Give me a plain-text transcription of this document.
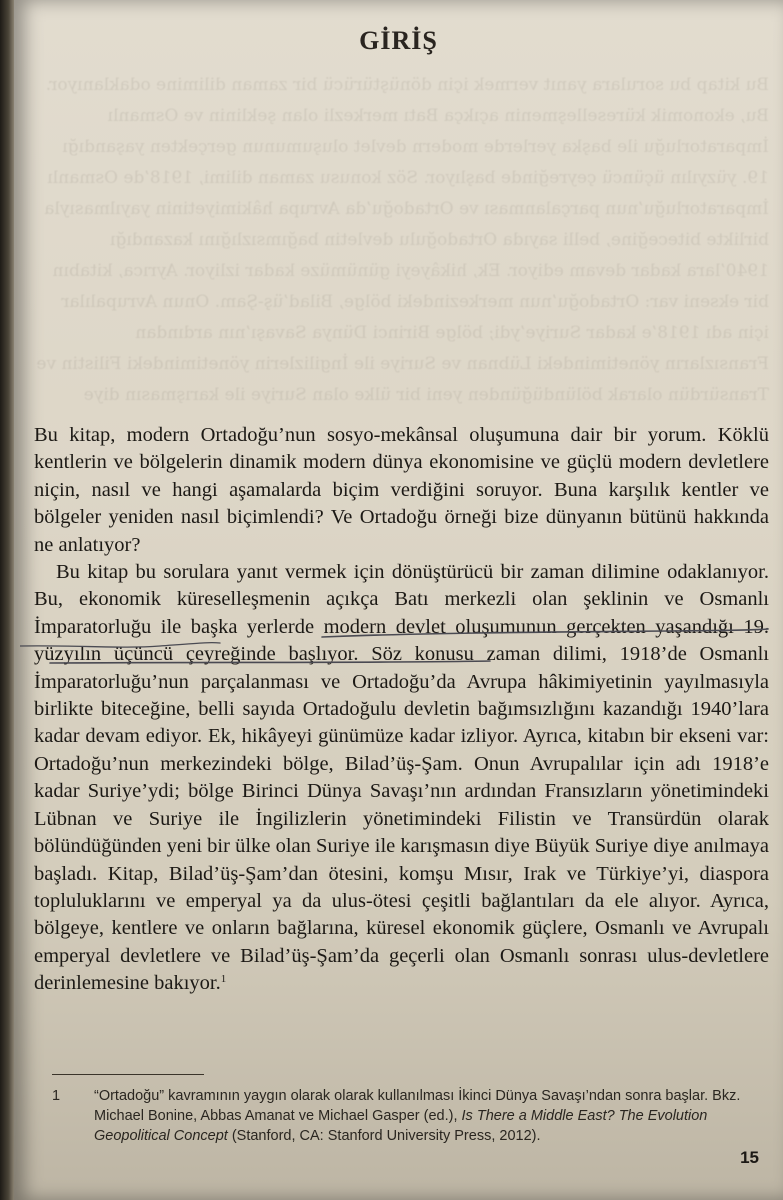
Bu kitap bu sorulara yanıt vermek için dönüştürücü bir zaman dilimine odaklanıyor. Bu, ekonomik küreselleşmenin açıkça Batı merkezli olan şeklinin ve Osmanlı İmparatorluğu ile başka yerlerde modern devlet oluşumunun gerçekten yaşandığı 19. yüzyılın üçüncü çeyreğinde başlıyor. Söz konusu zaman dilimi, 1918’de Osmanlı İmparatorluğu’nun parçalanması ve Ortadoğu’da Avrupa hâkimiyetinin yayılmasıyla birlikte biteceğine, belli sayıda Ortadoğulu devletin bağımsızlığını kazandığı 1940’lara kadar devam ediyor. Ek, hikâyeyi günümüze kadar izliyor. Ayrıca, kitabın bir ekseni var: Ortadoğu’nun merkezindeki bölge, Bilad’üş-Şam. Onun Avrupalılar için adı 1918’e kadar Suriye’ydi; bölge Birinci Dünya Savaşı’nın ardından Fransızların yönetimindeki Lübnan ve Suriye ile İngilizlerin yönetimindeki Filistin ve Transürdün olarak bölündüğünden yeni bir ülke olan Suriye ile karışmasın diye
GİRİŞ

Bu kitap, modern Ortadoğu’nun sosyo-mekânsal oluşumuna dair bir yorum. Köklü kentlerin ve bölgelerin dinamik modern dünya ekonomisine ve güçlü modern devletlere niçin, nasıl ve hangi aşamalarda biçim verdiğini soruyor. Buna karşılık kentler ve bölgeler yeniden nasıl biçimlendi? Ve Ortadoğu örneği bize dünyanın bütünü hakkında ne anlatıyor?

Bu kitap bu sorulara yanıt vermek için dönüştürücü bir zaman dilimine odaklanıyor. Bu, ekonomik küreselleşmenin açıkça Batı merkezli olan şeklinin ve Osmanlı İmparatorluğu ile başka yerlerde modern devlet oluşumunun gerçekten yaşandığı 19. yüzyılın üçüncü çeyreğinde başlıyor. Söz konusu zaman dilimi, 1918’de Osmanlı İmparatorluğu’nun parçalanması ve Ortadoğu’da Avrupa hâkimiyetinin yayılmasıyla birlikte biteceğine, belli sayıda Ortadoğulu devletin bağımsızlığını kazandığı 1940’lara kadar devam ediyor. Ek, hikâyeyi günümüze kadar izliyor. Ayrıca, kitabın bir ekseni var: Ortadoğu’nun merkezindeki bölge, Bilad’üş-Şam. Onun Avrupalılar için adı 1918’e kadar Suriye’ydi; bölge Birinci Dünya Savaşı’nın ardından Fransızların yönetimindeki Lübnan ve Suriye ile İngilizlerin yönetimindeki Filistin ve Transürdün olarak bölündüğünden yeni bir ülke olan Suriye ile karışmasın diye Büyük Suriye diye anılmaya başladı. Kitap, Bilad’üş-Şam’dan ötesini, komşu Mısır, Irak ve Türkiye’yi, diaspora topluluklarını ve emperyal ya da ulus-ötesi çeşitli bağlantıları da ele alıyor. Ayrıca, bölgeye, kentlere ve onların bağlarına, küresel ekonomik güçlere, Osmanlı ve Avrupalı emperyal devletlere ve Bilad’üş-Şam’da geçerli olan Osmanlı sonrası ulus-devletlere derinlemesine bakıyor.$^1$

1 “Ortadoğu” kavramının yaygın olarak olarak kullanılması İkinci Dünya Savaşı’ndan sonra başlar. Bkz. Michael Bonine, Abbas Amanat ve Michael Gasper (ed.), Is There a Middle East? The Evolution Geopolitical Concept (Stanford, CA: Stanford University Press, 2012).
15
